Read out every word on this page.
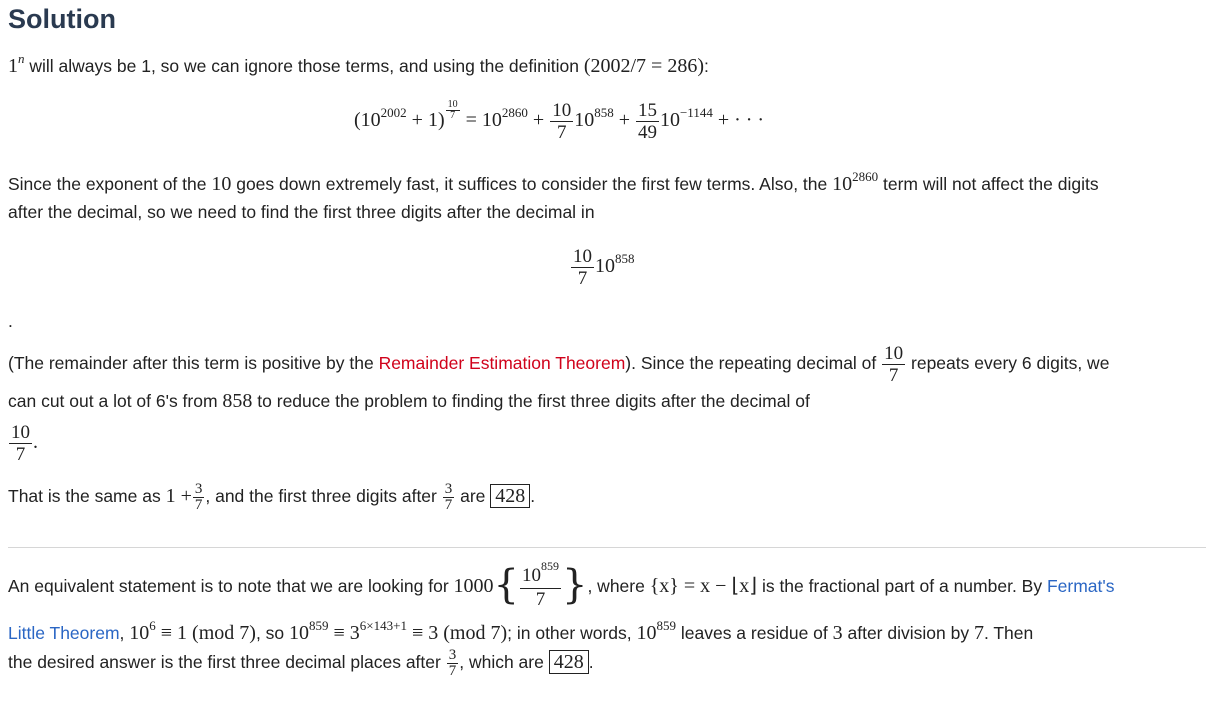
Solution
1$^n$ will always be 1, so we can ignore those terms, and using the definition (2002/7 = 286):
$(10^{2002} + 1) \frac{10}{7} = 10^{2860} + \frac{10}{7} 10^{858} + \frac{15}{49} 10^{-1144}$ + · · ·
Since the exponent of the 10 goes down extremely fast, it suffices to consider the first few terms. Also, the $10^{2860}$ term will not affect the digits
after the decimal, so we need to find the first three digits after the decimal in
$\frac{10}{7} 10^{858}$
.
(The remainder after this term is positive by the Remainder Estimation Theorem). Since the repeating decimal of $\frac{10}{7}$ repeats every 6 digits, we
can cut out a lot of 6's from 858 to reduce the problem to finding the first three digits after the decimal of
$\frac{10}{7}$ .
That is the same as $1 + \frac{3}{7}$ , and the first three digits after $\frac{3}{7}$ are 428 .
An equivalent statement is to note that we are looking for $1000\{ \frac{10^{859}}{7}$ }, where {x} = x − ⌊x⌋ is the fractional part of a number. By Fermat's
Little Theorem, $10^6 \equiv 1$ (mod 7), so $10^{859} \equiv 3^{6\times 143+1} \equiv 3$ (mod 7); in other words, $10^{859}$ leaves a residue of 3 after division by 7. Then
the desired answer is the first three decimal places after $\frac{3}{7}$ , which are 428 .
